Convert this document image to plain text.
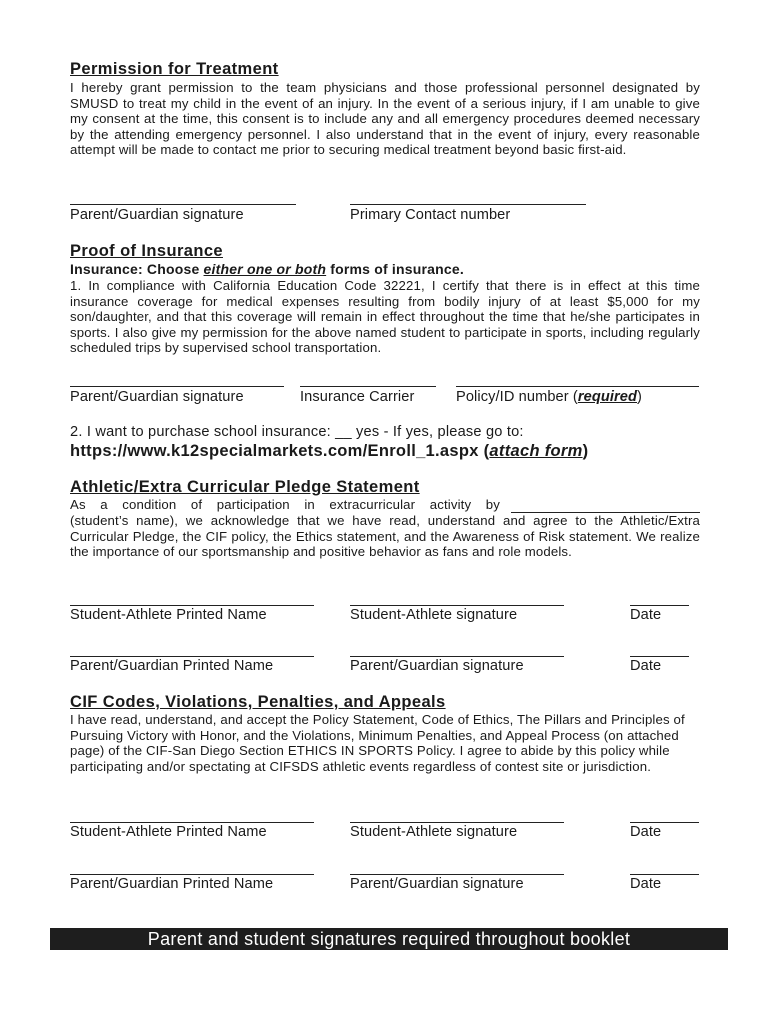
Permission for Treatment
I hereby grant permission to the team physicians and those professional personnel designated by SMUSD to treat my child in the event of an injury. In the event of a serious injury, if I am unable to give my consent at the time, this consent is to include any and all emergency procedures deemed necessary by the attending emergency personnel. I also understand that in the event of injury, every reasonable attempt will be made to contact me prior to securing medical treatment beyond basic first-aid.
Parent/Guardian signature	Primary Contact number
Proof of Insurance
Insurance: Choose either one or both forms of insurance.
1. In compliance with California Education Code 32221, I certify that there is in effect at this time insurance coverage for medical expenses resulting from bodily injury of at least $5,000 for my son/daughter, and that this coverage will remain in effect throughout the time that he/she participates in sports. I also give my permission for the above named student to participate in sports, including regularly scheduled trips by supervised school transportation.
Parent/Guardian signature	Insurance Carrier	Policy/ID number (required)
2. I want to purchase school insurance: __ yes - If yes, please go to:
https://www.k12specialmarkets.com/Enroll_1.aspx (attach form)
Athletic/Extra Curricular Pledge Statement
As a condition of participation in extracurricular activity by
(student’s name), we acknowledge that we have read, understand and agree to the Athletic/Extra Curricular Pledge, the CIF policy, the Ethics statement, and the Awareness of Risk statement. We realize the importance of our sportsmanship and positive behavior as fans and role models.
Student-Athlete Printed Name	Student-Athlete signature	Date
Parent/Guardian Printed Name	Parent/Guardian signature	Date
CIF Codes, Violations, Penalties, and Appeals
I have read, understand, and accept the Policy Statement, Code of Ethics, The Pillars and Principles of Pursuing Victory with Honor, and the Violations, Minimum Penalties, and Appeal Process (on attached page) of the CIF-San Diego Section ETHICS IN SPORTS Policy. I agree to abide by this policy while participating and/or spectating at CIFSDS athletic events regardless of contest site or jurisdiction.
Student-Athlete Printed Name	Student-Athlete signature	Date
Parent/Guardian Printed Name	Parent/Guardian signature	Date
Parent and student signatures required throughout booklet
